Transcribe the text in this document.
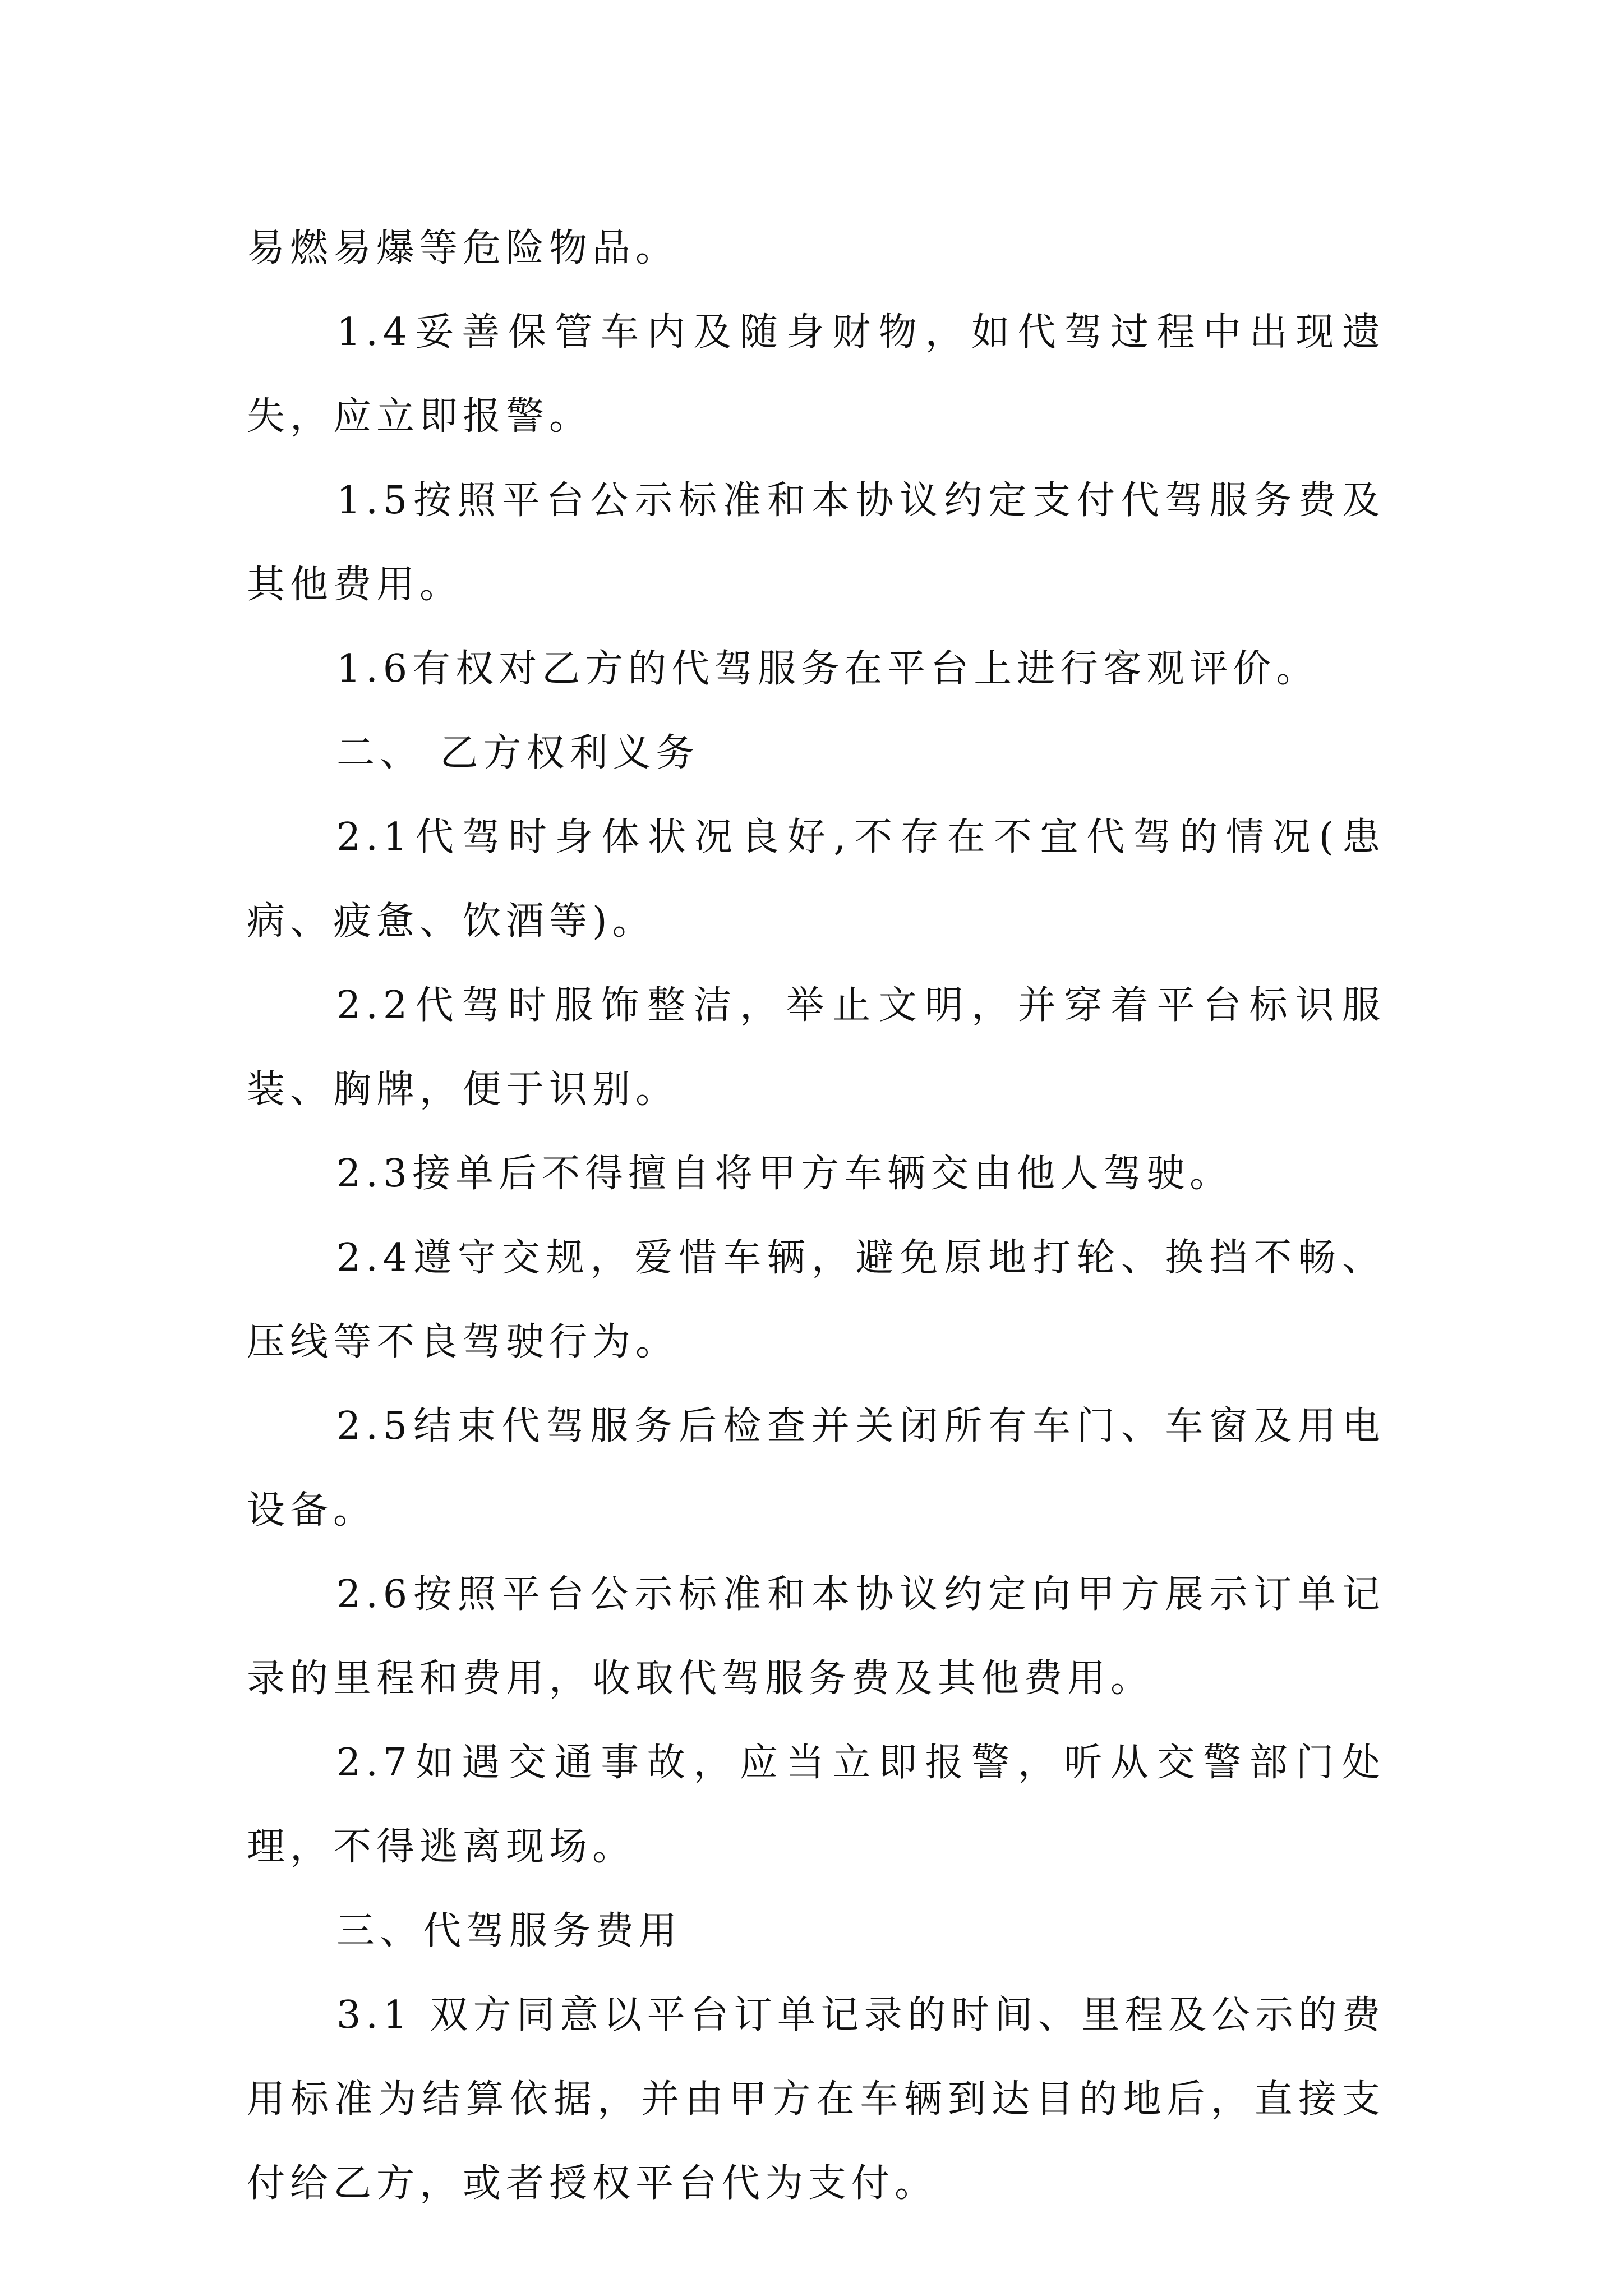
易燃易爆等危险物品。

1.4妥善保管车内及随身财物，如代驾过程中出现遗失，应立即报警。

1.5按照平台公示标准和本协议约定支付代驾服务费及其他费用。

1.6有权对乙方的代驾服务在平台上进行客观评价。

二、 乙方权利义务

2.1代驾时身体状况良好,不存在不宜代驾的情况(患病、疲惫、饮酒等)。

2.2代驾时服饰整洁，举止文明，并穿着平台标识服装、胸牌，便于识别。

2.3接单后不得擅自将甲方车辆交由他人驾驶。

2.4遵守交规，爱惜车辆，避免原地打轮、换挡不畅、压线等不良驾驶行为。

2.5结束代驾服务后检查并关闭所有车门、车窗及用电设备。

2.6按照平台公示标准和本协议约定向甲方展示订单记录的里程和费用，收取代驾服务费及其他费用。

2.7如遇交通事故，应当立即报警，听从交警部门处理，不得逃离现场。

三、代驾服务费用

3.1 双方同意以平台订单记录的时间、里程及公示的费用标准为结算依据，并由甲方在车辆到达目的地后，直接支付给乙方，或者授权平台代为支付。
